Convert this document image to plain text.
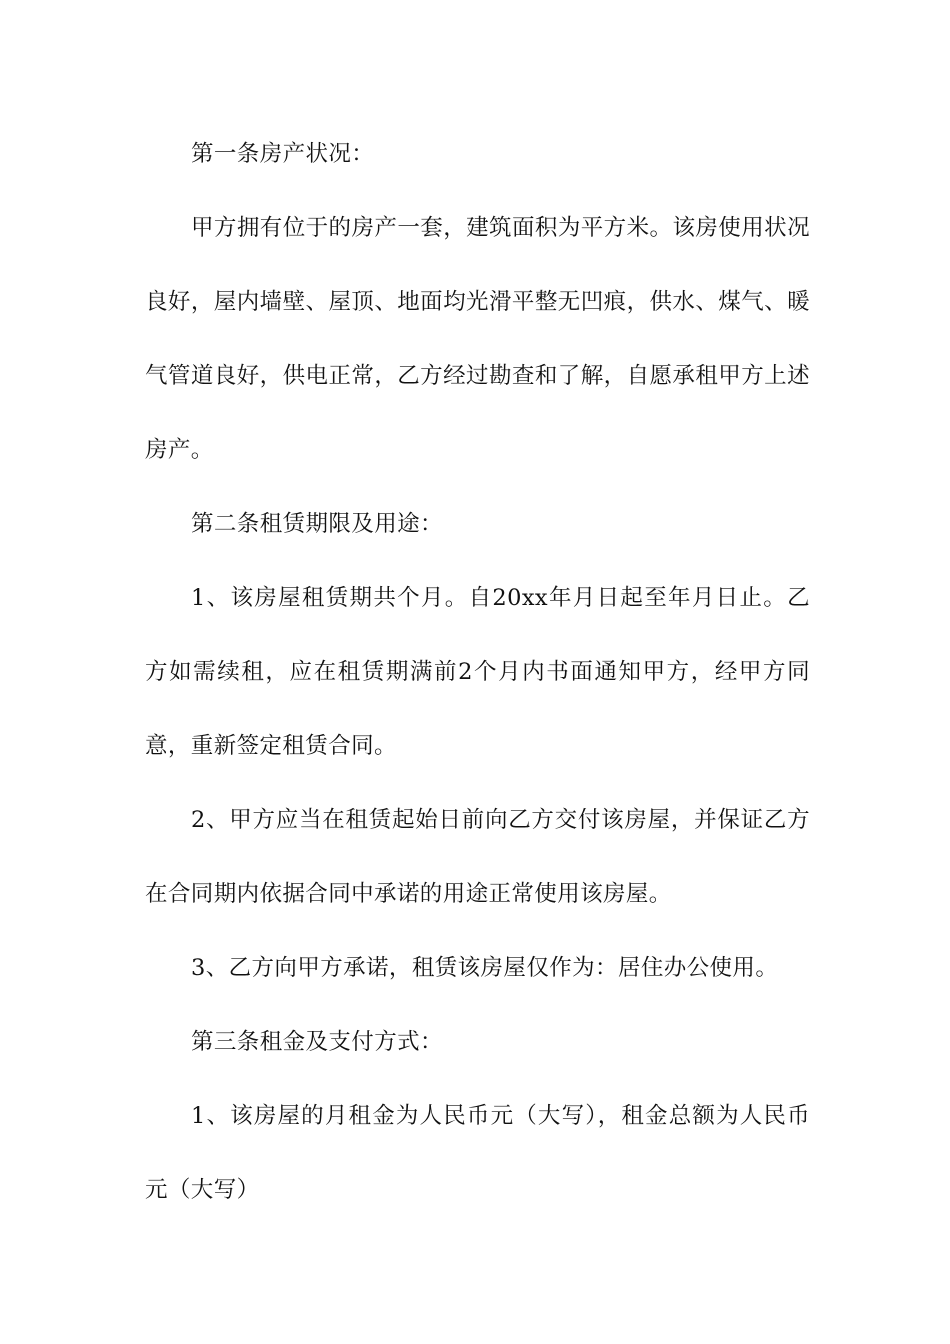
第一条房产状况：

甲方拥有位于的房产一套，建筑面积为平方米。该房使用状况良好，屋内墙壁、屋顶、地面均光滑平整无凹痕，供水、煤气、暖气管道良好，供电正常，乙方经过勘查和了解，自愿承租甲方上述房产。

第二条租赁期限及用途：

1、该房屋租赁期共个月。自20xx年月日起至年月日止。乙方如需续租，应在租赁期满前2个月内书面通知甲方，经甲方同意，重新签定租赁合同。

2、甲方应当在租赁起始日前向乙方交付该房屋，并保证乙方在合同期内依据合同中承诺的用途正常使用该房屋。

3、乙方向甲方承诺，租赁该房屋仅作为：居住办公使用。

第三条租金及支付方式：

1、该房屋的月租金为人民币元（大写），租金总额为人民币元（大写）
